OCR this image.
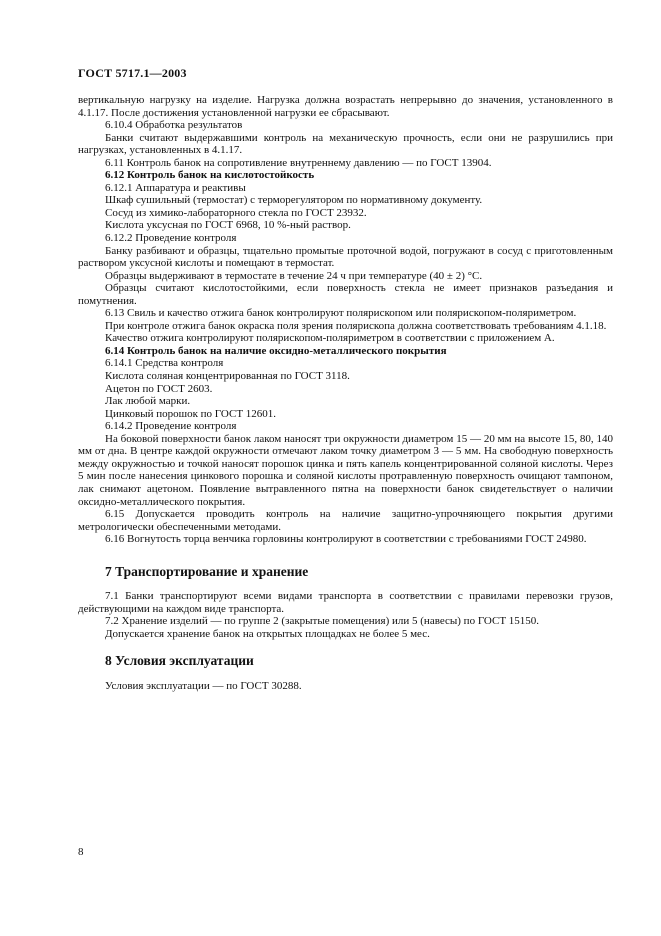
ГОСТ 5717.1—2003

вертикальную нагрузку на изделие. Нагрузка должна возрастать непрерывно до значения, установленного в 4.1.17. После достижения установленной нагрузки ее сбрасывают.

6.10.4 Обработка результатов

Банки считают выдержавшими контроль на механическую прочность, если они не разрушились при нагрузках, установленных в 4.1.17.

6.11 Контроль банок на сопротивление внутреннему давлению — по ГОСТ 13904.

6.12 Контроль банок на кислотостойкость

6.12.1 Аппаратура и реактивы

Шкаф сушильный (термостат) с терморегулятором по нормативному документу.

Сосуд из химико-лабораторного стекла по ГОСТ 23932.

Кислота уксусная по ГОСТ 6968, 10 %-ный раствор.

6.12.2 Проведение контроля

Банку разбивают и образцы, тщательно промытые проточной водой, погружают в сосуд с приготовленным раствором уксусной кислоты и помещают в термостат.

Образцы выдерживают в термостате в течение 24 ч при температуре (40 ± 2) °С.

Образцы считают кислотостойкими, если поверхность стекла не имеет признаков разъедания и помутнения.

6.13 Свиль и качество отжига банок контролируют полярископом или полярископом-поляриметром.

При контроле отжига банок окраска поля зрения полярископа должна соответствовать требованиям 4.1.18.

Качество отжига контролируют полярископом-поляриметром в соответствии с приложением А.

6.14 Контроль банок на наличие оксидно-металлического покрытия

6.14.1 Средства контроля

Кислота соляная концентрированная по ГОСТ 3118.

Ацетон по ГОСТ 2603.

Лак любой марки.

Цинковый порошок по ГОСТ 12601.

6.14.2 Проведение контроля

На боковой поверхности банок лаком наносят три окружности диаметром 15 — 20 мм на высоте 15, 80, 140 мм от дна. В центре каждой окружности отмечают лаком точку диаметром 3 — 5 мм. На свободную поверхность между окружностью и точкой наносят порошок цинка и пять капель концентрированной соляной кислоты. Через 5 мин после нанесения цинкового порошка и соляной кислоты протравленную поверхность очищают тампоном, лак снимают ацетоном. Появление вытравленного пятна на поверхности банок свидетельствует о наличии оксидно-металлического покрытия.

6.15 Допускается проводить контроль на наличие защитно-упрочняющего покрытия другими метрологически обеспеченными методами.

6.16 Вогнутость торца венчика горловины контролируют в соответствии с требованиями ГОСТ 24980.

7 Транспортирование и хранение

7.1 Банки транспортируют всеми видами транспорта в соответствии с правилами перевозки грузов, действующими на каждом виде транспорта.

7.2 Хранение изделий — по группе 2 (закрытые помещения) или 5 (навесы) по ГОСТ 15150.

Допускается хранение банок на открытых площадках не более 5 мес.

8 Условия эксплуатации

Условия эксплуатации — по ГОСТ 30288.

8
